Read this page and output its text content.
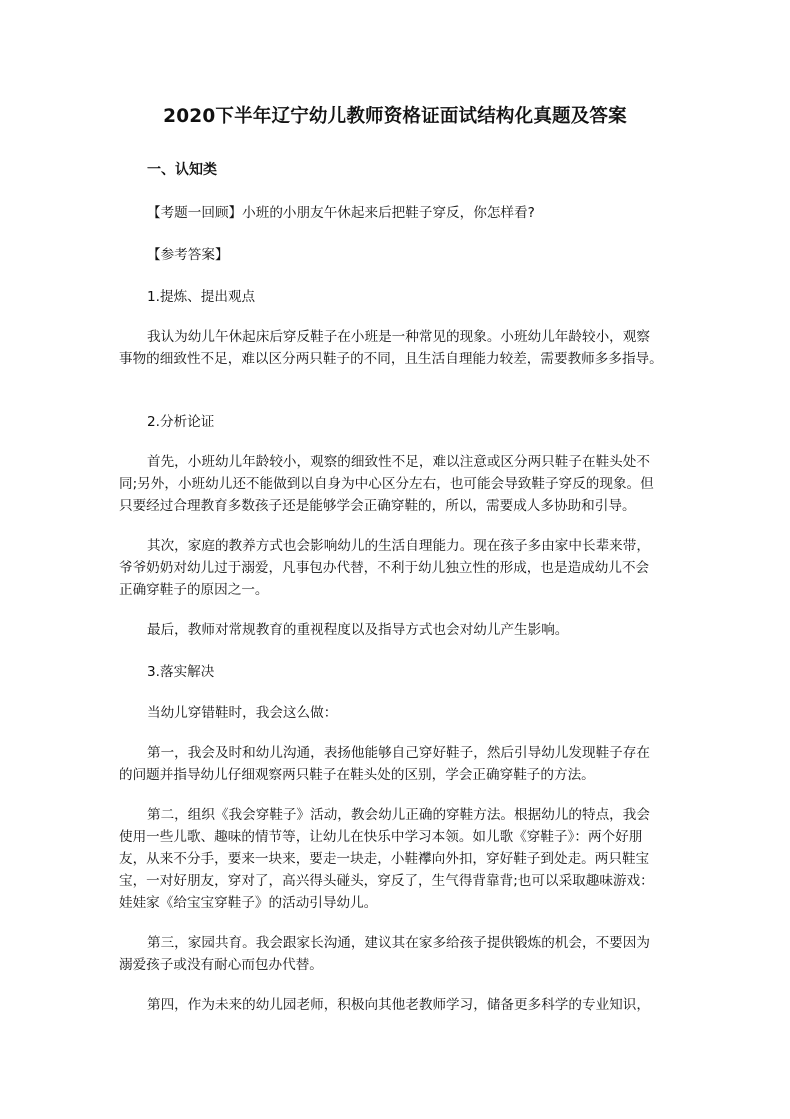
2020下半年辽宁幼儿教师资格证面试结构化真题及答案
一、认知类
【考题一回顾】小班的小朋友午休起来后把鞋子穿反，你怎样看?
【参考答案】
1.提炼、提出观点
我认为幼儿午休起床后穿反鞋子在小班是一种常见的现象。小班幼儿年龄较小，观察
事物的细致性不足，难以区分两只鞋子的不同，且生活自理能力较差，需要教师多多指导。
2.分析论证
首先，小班幼儿年龄较小，观察的细致性不足，难以注意或区分两只鞋子在鞋头处不
同;另外，小班幼儿还不能做到以自身为中心区分左右，也可能会导致鞋子穿反的现象。但
只要经过合理教育多数孩子还是能够学会正确穿鞋的，所以，需要成人多协助和引导。
其次，家庭的教养方式也会影响幼儿的生活自理能力。现在孩子多由家中长辈来带，
爷爷奶奶对幼儿过于溺爱，凡事包办代替，不利于幼儿独立性的形成，也是造成幼儿不会
正确穿鞋子的原因之一。
最后，教师对常规教育的重视程度以及指导方式也会对幼儿产生影响。
3.落实解决
当幼儿穿错鞋时，我会这么做：
第一，我会及时和幼儿沟通，表扬他能够自己穿好鞋子，然后引导幼儿发现鞋子存在
的问题并指导幼儿仔细观察两只鞋子在鞋头处的区别，学会正确穿鞋子的方法。
第二，组织《我会穿鞋子》活动，教会幼儿正确的穿鞋方法。根据幼儿的特点，我会
使用一些儿歌、趣味的情节等，让幼儿在快乐中学习本领。如儿歌《穿鞋子》：两个好朋
友，从来不分手，要来一块来，要走一块走，小鞋襻向外扣，穿好鞋子到处走。两只鞋宝
宝，一对好朋友，穿对了，高兴得头碰头，穿反了，生气得背靠背;也可以采取趣味游戏：
娃娃家《给宝宝穿鞋子》的活动引导幼儿。
第三，家园共育。我会跟家长沟通，建议其在家多给孩子提供锻炼的机会，不要因为
溺爱孩子或没有耐心而包办代替。
第四，作为未来的幼儿园老师，积极向其他老教师学习，储备更多科学的专业知识，
